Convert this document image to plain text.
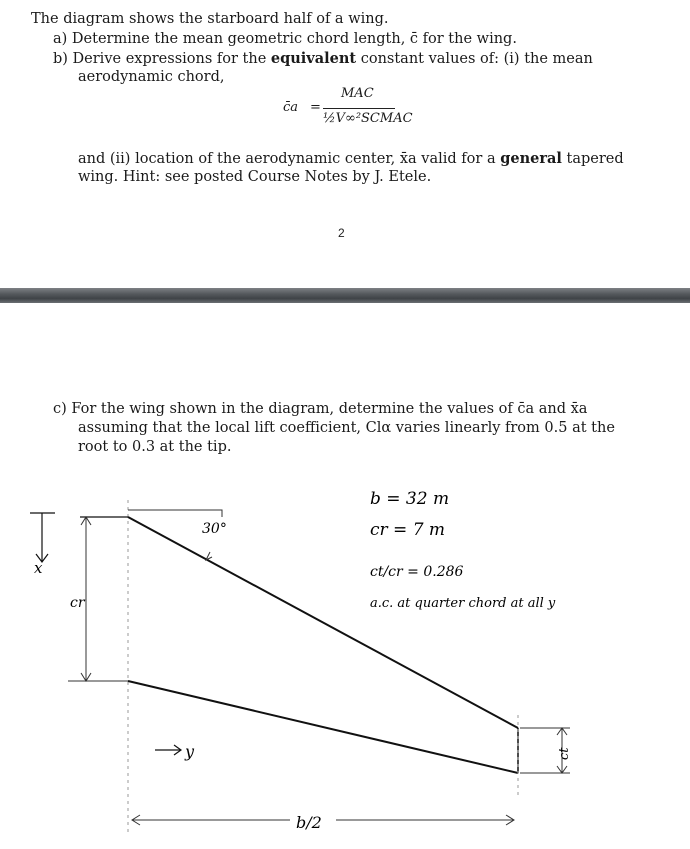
The diagram shows the starboard half of a wing.
a) Determine the mean geometric chord length, c̄ for the wing.
b) Derive expressions for the equivalent constant values of: (i) the mean
aerodynamic chord,
c̄a =
MAC
½V∞²SCMAC
and (ii) location of the aerodynamic center, x̄a valid for a general tapered
wing. Hint: see posted Course Notes by J. Etele.
2
c) For the wing shown in the diagram, determine the values of c̄a and x̄a
assuming that the local lift coefficient, Clα varies linearly from 0.5 at the
root to 0.3 at the tip.
x
cr
30°
y	ct
b/2
b = 32 m
cr = 7 m
ct/cr = 0.286
a.c. at quarter chord at all y
